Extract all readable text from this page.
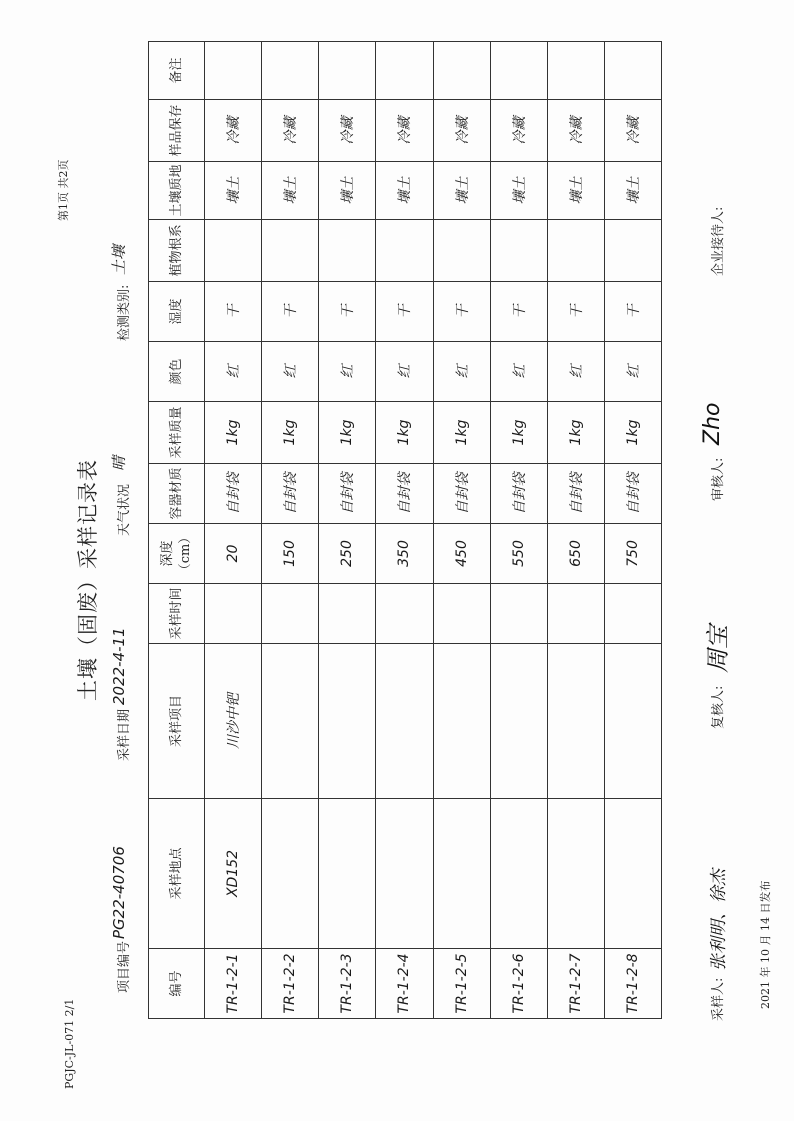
PGJC-JL-071 2/1
第1页 共2页
土壤（固废）采样记录表
项目编号
PG22-40706
采样日期
2022-4-11
天气状况
晴
检测类别:
土壤
编号	采样地点	采样项目	采样时间	深度（cm）	容器材质	采样质量	颜色	湿度	植物根系	土壤质地	样品保存	备注
TR-1-2-1	XD152	川沙中钯		20	自封袋	1kg	红	干		壤土	冷藏	
TR-1-2-2				150	自封袋	1kg	红	干		壤土	冷藏	
TR-1-2-3				250	自封袋	1kg	红	干		壤土	冷藏	
TR-1-2-4				350	自封袋	1kg	红	干		壤土	冷藏	
TR-1-2-5				450	自封袋	1kg	红	干		壤土	冷藏	
TR-1-2-6				550	自封袋	1kg	红	干		壤土	冷藏	
TR-1-2-7				650	自封袋	1kg	红	干		壤土	冷藏	
TR-1-2-8				750	自封袋	1kg	红	干		壤土	冷藏	
采样人:
张利明、徐杰
复核人:
周宝
审核人:
Zho
企业接待人:
2021 年 10 月 14 日发布
